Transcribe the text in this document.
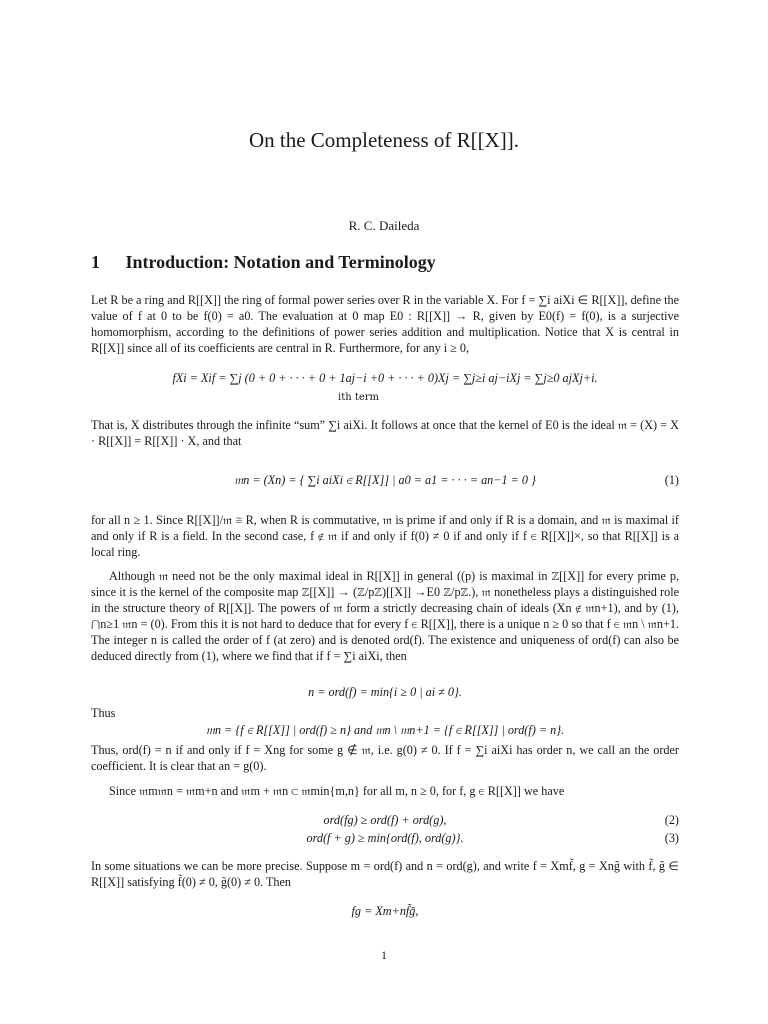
On the Completeness of R[[X]].
R. C. Daileda
1 Introduction: Notation and Terminology
Let R be a ring and R[[X]] the ring of formal power series over R in the variable X. For f = ∑i aiXi ∈ R[[X]], define the value of f at 0 to be f(0) = a0. The evaluation at 0 map E0 : R[[X]] → R, given by E0(f) = f(0), is a surjective homomorphism, according to the definitions of power series addition and multiplication. Notice that X is central in R[[X]] since all of its coefficients are central in R. Furthermore, for any i ≥ 0,
fXi = Xif = ∑j (0 + 0 + · · · + 0 + 1aj−i +0 + · · · + 0)Xj = ∑j≥i aj−iXj = ∑j≥0 ajXj+i.
ith term
That is, X distributes through the infinite “sum” ∑i aiXi. It follows at once that the kernel of E0 is the ideal 𝔪 = (X) = X · R[[X]] = R[[X]] · X, and that
𝔪n = (Xn) = { ∑i aiXi ∈ R[[X]] | a0 = a1 = · · · = an−1 = 0 }	(1)
for all n ≥ 1. Since R[[X]]/𝔪 ≅ R, when R is commutative, 𝔪 is prime if and only if R is a domain, and 𝔪 is maximal if and only if R is a field. In the second case, f ∉ 𝔪 if and only if f(0) ≠ 0 if and only if f ∈ R[[X]]×, so that R[[X]] is a local ring.
Although 𝔪 need not be the only maximal ideal in R[[X]] in general ((p) is maximal in ℤ[[X]] for every prime p, since it is the kernel of the composite map ℤ[[X]] → (ℤ/pℤ)[[X]] →E0 ℤ/pℤ.), 𝔪 nonetheless plays a distinguished role in the structure theory of R[[X]]. The powers of 𝔪 form a strictly decreasing chain of ideals (Xn ∉ 𝔪n+1), and by (1), ⋂n≥1 𝔪n = (0). From this it is not hard to deduce that for every f ∈ R[[X]], there is a unique n ≥ 0 so that f ∈ 𝔪n \ 𝔪n+1. The integer n is called the order of f (at zero) and is denoted ord(f). The existence and uniqueness of ord(f) can also be deduced directly from (1), where we find that if f = ∑i aiXi, then
n = ord(f) = min{i ≥ 0 | ai ≠ 0}.
Thus
𝔪n = {f ∈ R[[X]] | ord(f) ≥ n} and 𝔪n \ 𝔪n+1 = {f ∈ R[[X]] | ord(f) = n}.
Thus, ord(f) = n if and only if f = Xng for some g ∉ 𝔪, i.e. g(0) ≠ 0. If f = ∑i aiXi has order n, we call an the order coefficient. It is clear that an = g(0).
Since 𝔪m𝔪n = 𝔪m+n and 𝔪m + 𝔪n ⊂ 𝔪min{m,n} for all m, n ≥ 0, for f, g ∈ R[[X]] we have
ord(fg) ≥ ord(f) + ord(g),	(2)
ord(f + g) ≥ min{ord(f), ord(g)}.	(3)
In some situations we can be more precise. Suppose m = ord(f) and n = ord(g), and write f = Xmf̃, g = Xng̃ with f̃, g̃ ∈ R[[X]] satisfying f̃(0) ≠ 0, g̃(0) ≠ 0. Then
fg = Xm+nf̃g̃,
1
